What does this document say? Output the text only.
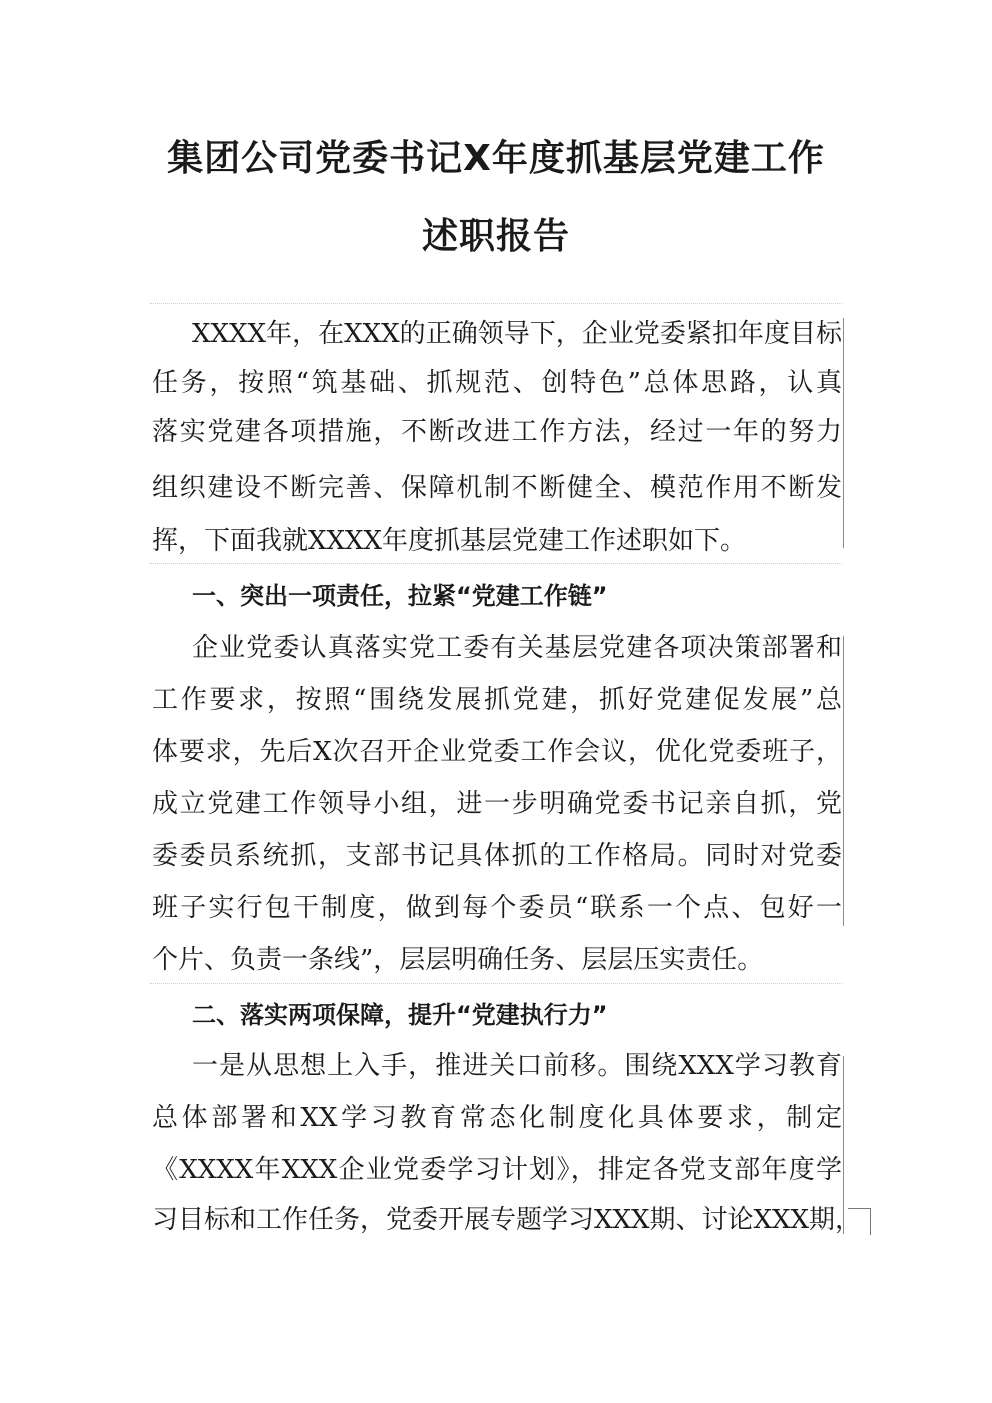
集团公司党委书记X年度抓基层党建工作
述职报告
XXXX年，在XXX的正确领导下，企业党委紧扣年度目标
任务，按照“筑基础、抓规范、创特色”总体思路，认真
落实党建各项措施，不断改进工作方法，经过一年的努力
组织建设不断完善、保障机制不断健全、模范作用不断发
挥，下面我就XXXX年度抓基层党建工作述职如下。
一、突出一项责任，拉紧“党建工作链”
企业党委认真落实党工委有关基层党建各项决策部署和
工作要求，按照“围绕发展抓党建，抓好党建促发展”总
体要求，先后X次召开企业党委工作会议，优化党委班子，
成立党建工作领导小组，进一步明确党委书记亲自抓，党
委委员系统抓，支部书记具体抓的工作格局。同时对党委
班子实行包干制度，做到每个委员“联系一个点、包好一
个片、负责一条线”，层层明确任务、层层压实责任。
二、落实两项保障，提升“党建执行力”
一是从思想上入手，推进关口前移。围绕XXX学习教育
总体部署和XX学习教育常态化制度化具体要求，制定
《XXXX年XXX企业党委学习计划》，排定各党支部年度学
习目标和工作任务，党委开展专题学习XXX期、讨论XXX期，
